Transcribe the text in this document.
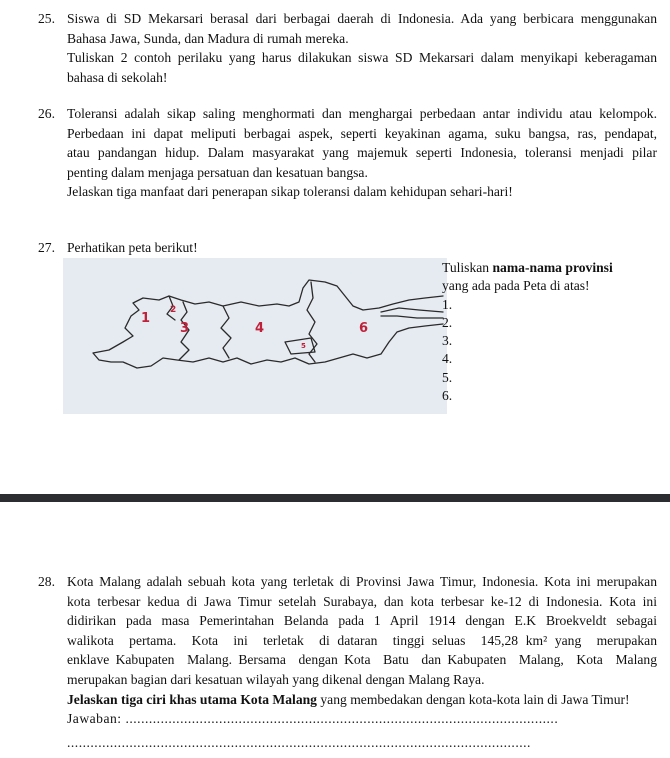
25. Siswa di SD Mekarsari berasal dari berbagai daerah di Indonesia. Ada yang berbicara menggunakan

Bahasa Jawa, Sunda, dan Madura di rumah mereka.

Tuliskan 2 contoh perilaku yang harus dilakukan siswa SD Mekarsari dalam menyikapi keberagaman

bahasa di sekolah!

26. Toleransi adalah sikap saling menghormati dan menghargai perbedaan antar individu atau kelompok.

Perbedaan ini dapat meliputi berbagai aspek, seperti keyakinan agama, suku bangsa, ras, pendapat,

atau pandangan hidup. Dalam masyarakat yang majemuk seperti Indonesia, toleransi menjadi pilar

penting dalam menjaga persatuan dan kesatuan bangsa.

Jelaskan tiga manfaat dari penerapan sikap toleransi dalam kehidupan sehari-hari!

27. Perhatikan peta berikut!

1
2
3	4
5
6

Tuliskan nama-nama provinsi

yang ada pada Peta di atas!

1.

2.

3.

4.

5.

6.

28. Kota Malang adalah sebuah kota yang terletak di Provinsi Jawa Timur, Indonesia. Kota ini merupakan

kota terbesar kedua di Jawa Timur setelah Surabaya, dan kota terbesar ke-12 di Indonesia. Kota ini

didirikan pada masa Pemerintahan Belanda pada 1 April 1914 dengan E.K Broekveldt sebagai

walikota  pertama.  Kota  ini  terletak  di dataran  tinggi seluas  145,28 km² yang  merupakan

enklave Kabupaten  Malang. Bersama  dengan Kota  Batu  dan Kabupaten  Malang,  Kota  Malang

merupakan bagian dari kesatuan wilayah yang dikenal dengan Malang Raya.

Jelaskan tiga ciri khas utama Kota Malang yang membedakan dengan kota-kota lain di Jawa Timur!

Jawaban: ...............................................................................................................

.......................................................................................................................
